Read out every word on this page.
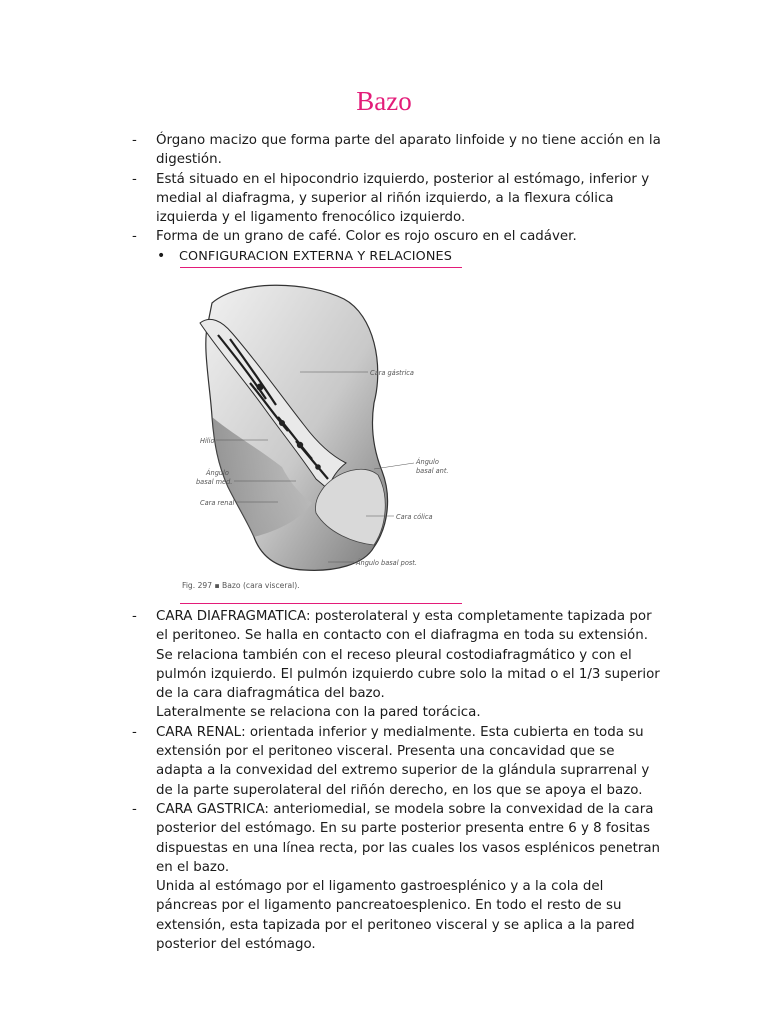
Bazo
- Órgano macizo que forma parte del aparato linfoide y no tiene acción en la digestión.

- Está situado en el hipocondrio izquierdo, posterior al estómago, inferior y medial al diafragma, y superior al riñón izquierdo, a la flexura cólica izquierda y el ligamento frenocólico izquierdo.

- Forma de un grano de café. Color es rojo oscuro en el cadáver.

• CONFIGURACION EXTERNA Y RELACIONES
Cara gástrica
Hilio
Ángulo
basal med.
Ángulo
basal ant.
Cara renal
Cara cólica
Ángulo basal post.
Fig. 297 ▪ Bazo (cara visceral).
- CARA DIAFRAGMATICA: posterolateral y esta completamente tapizada por el peritoneo. Se halla en contacto con el diafragma en toda su extensión.

Se relaciona también con el receso pleural costodiafragmático y con el pulmón izquierdo. El pulmón izquierdo cubre solo la mitad o el 1/3 superior de la cara diafragmática del bazo.

Lateralmente se relaciona con la pared torácica.

- CARA RENAL: orientada inferior y medialmente. Esta cubierta en toda su extensión por el peritoneo visceral. Presenta una concavidad que se adapta a la convexidad del extremo superior de la glándula suprarrenal y de la parte superolateral del riñón derecho, en los que se apoya el bazo.

- CARA GASTRICA: anteriomedial, se modela sobre la convexidad de la cara posterior del estómago. En su parte posterior presenta entre 6 y 8 fositas dispuestas en una línea recta, por las cuales los vasos esplénicos penetran en el bazo.

Unida al estómago por el ligamento gastroesplénico y a la cola del páncreas por el ligamento pancreatoesplenico. En todo el resto de su extensión, esta tapizada por el peritoneo visceral y se aplica a la pared posterior del estómago.
